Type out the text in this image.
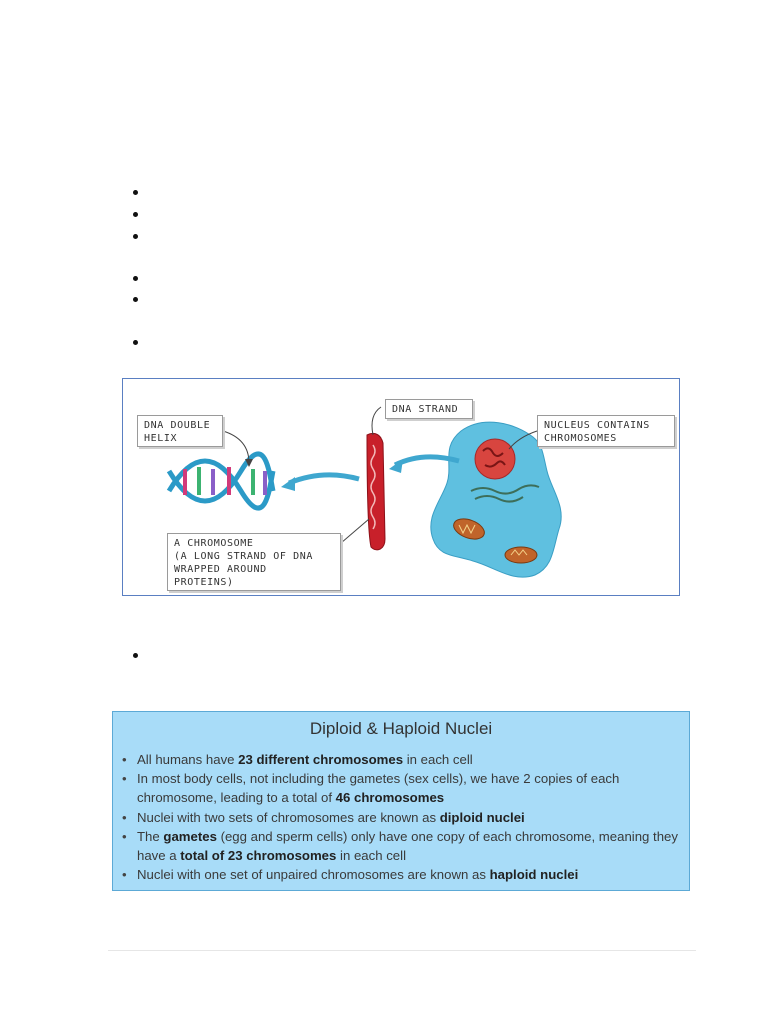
DNA DOUBLE
HELIX
DNA STRAND
NUCLEUS CONTAINS
CHROMOSOMES
A CHROMOSOME
(A LONG STRAND OF DNA
WRAPPED AROUND
PROTEINS)
Diploid & Haploid Nuclei
• All humans have 23 different chromosomes in each cell
• In most body cells, not including the gametes (sex cells), we have 2 copies of each chromosome, leading to a total of 46 chromosomes
• Nuclei with two sets of chromosomes are known as diploid nuclei
• The gametes (egg and sperm cells) only have one copy of each chromosome, meaning they have a total of 23 chromosomes in each cell
• Nuclei with one set of unpaired chromosomes are known as haploid nuclei
